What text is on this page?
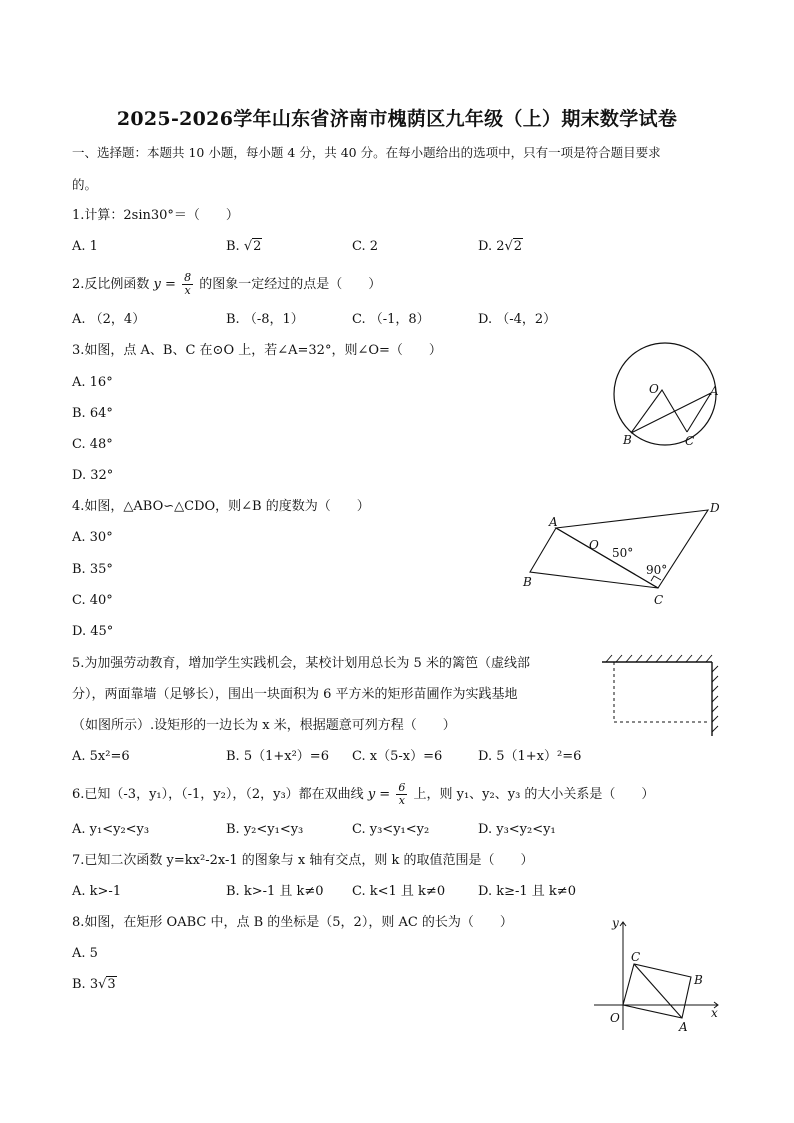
2025-2026学年山东省济南市槐荫区九年级（上）期末数学试卷
一、选择题：本题共 10 小题，每小题 4 分，共 40 分。在每小题给出的选项中，只有一项是符合题目要求
的。
1.计算：2sin30°＝（　　）
A. 1	B. √2	C. 2	D. 2√2
2.反比例函数 $y = \frac{8}{x}$ 的图象一定经过的点是（　　）
A. （2，4）	B. （-8，1）	C. （-1，8）	D. （-4，2）
3.如图，点 A、B、C 在⊙O 上，若∠A=32°，则∠O=（　　）
A. 16°
B. 64°
C. 48°
D. 32°
O	A
B	C
4.如图，△ABO∽△CDO，则∠B 的度数为（　　）
A. 30°
B. 35°
C. 40°
D. 45°
A
B
O
C
D
50°
90°
5.为加强劳动教育，增加学生实践机会，某校计划用总长为 5 米的篱笆（虚线部
分），两面靠墙（足够长），围出一块面积为 6 平方米的矩形苗圃作为实践基地
（如图所示）.设矩形的一边长为 x 米，根据题意可列方程（　　）
A. 5x²=6	B. 5（1+x²）=6 C. x（5-x）=6	D. 5（1+x）²=6
6.已知（-3，y₁），（-1，y₂），（2，y₃）都在双曲线 $y = \frac{6}{x}$ 上，则 y₁、y₂、y₃ 的大小关系是（　　）
A. y₁<y₂<y₃	B. y₂<y₁<y₃	C. y₃<y₁<y₂	D. y₃<y₂<y₁
7.已知二次函数 y=kx²-2x-1 的图象与 x 轴有交点，则 k 的取值范围是（　　）
A. k>-1	B. k>-1 且 k≠0 C. k<1 且 k≠0	D. k≥-1 且 k≠0
8.如图，在矩形 OABC 中，点 B 的坐标是（5，2），则 AC 的长为（　　）
A. 5
B. 3√3
y
x
O
C
B
A
